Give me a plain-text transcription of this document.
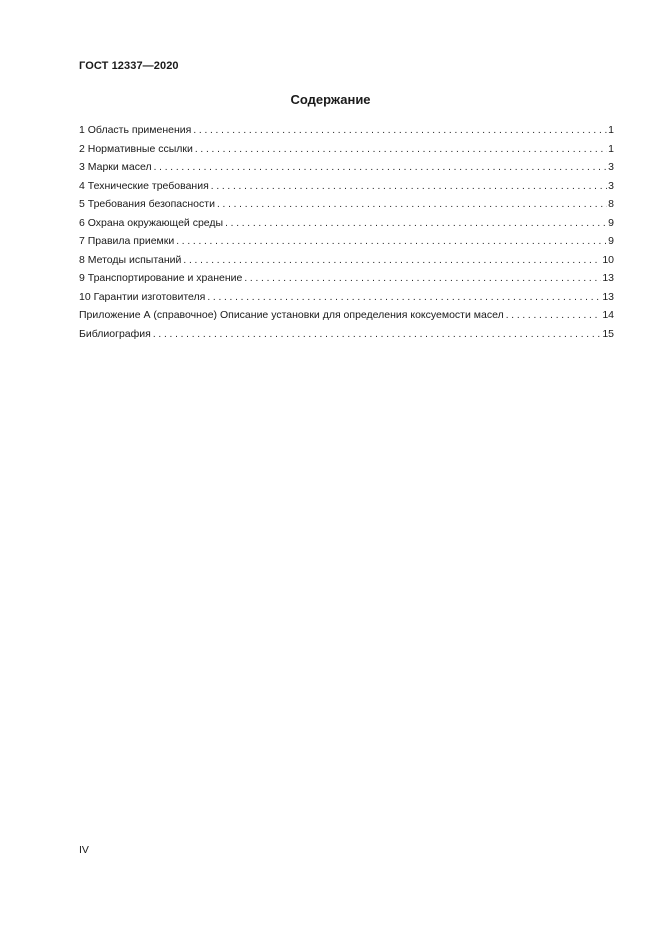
ГОСТ 12337—2020
Содержание
1 Область применения . . .	1
2 Нормативные ссылки . . .	1
3 Марки масел . . .	3
4 Технические требования . . .	3
5 Требования безопасности . . .	8
6 Охрана окружающей среды . . .	9
7 Правила приемки . . .	9
8 Методы испытаний . . .	10
9 Транспортирование и хранение . . .	13
10 Гарантии изготовителя . . .	13
Приложение А (справочное) Описание установки для определения коксуемости масел . . .	14
Библиография . . .	15
IV
